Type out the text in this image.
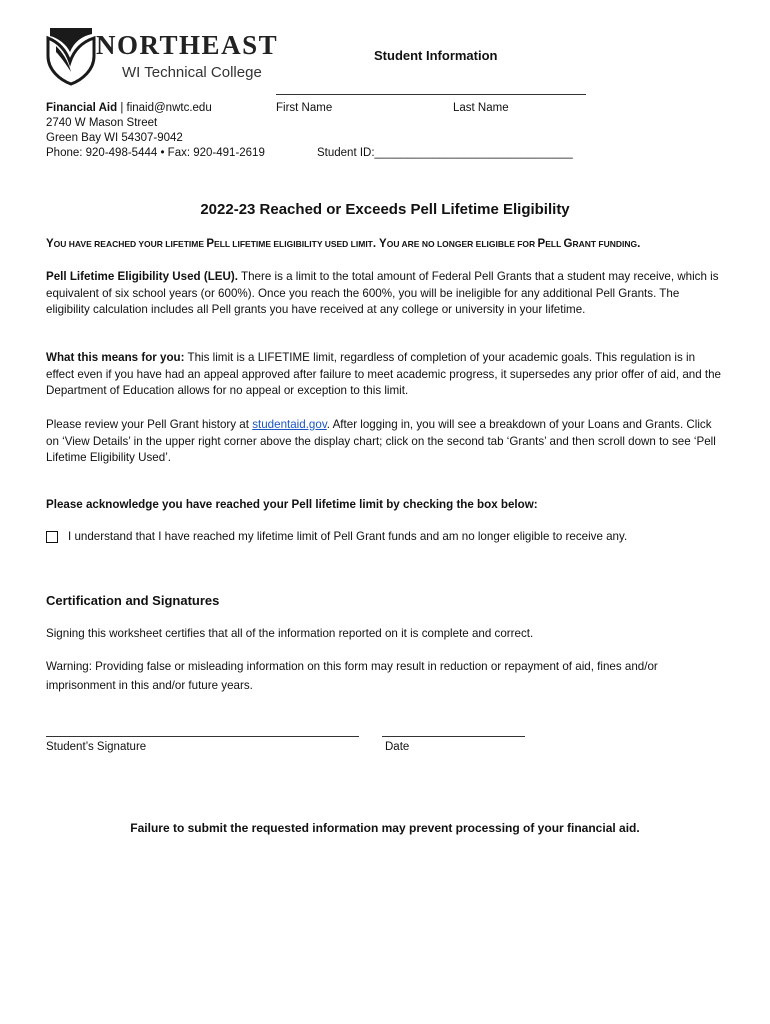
NORTHEAST
WI Technical College
Student Information
First Name	Last Name
Student ID:_______________________________
Financial Aid | finaid@nwtc.edu
2740 W Mason Street
Green Bay WI 54307-9042
Phone: 920-498-5444 • Fax: 920-491-2619
2022-23 Reached or Exceeds Pell Lifetime Eligibility
YOU HAVE REACHED YOUR LIFETIME PELL LIFETIME ELIGIBILITY USED LIMIT. YOU ARE NO LONGER ELIGIBLE FOR PELL GRANT FUNDING.
Pell Lifetime Eligibility Used (LEU). There is a limit to the total amount of Federal Pell Grants that a student may receive, which is equivalent of six school years (or 600%). Once you reach the 600%, you will be ineligible for any additional Pell Grants. The eligibility calculation includes all Pell grants you have received at any college or university in your lifetime.
What this means for you: This limit is a LIFETIME limit, regardless of completion of your academic goals. This regulation is in effect even if you have had an appeal approved after failure to meet academic progress, it supersedes any prior offer of aid, and the Department of Education allows for no appeal or exception to this limit.
Please review your Pell Grant history at studentaid.gov. After logging in, you will see a breakdown of your Loans and Grants. Click on ‘View Details’ in the upper right corner above the display chart; click on the second tab ‘Grants’ and then scroll down to see ‘Pell Lifetime Eligibility Used’.
Please acknowledge you have reached your Pell lifetime limit by checking the box below:
I understand that I have reached my lifetime limit of Pell Grant funds and am no longer eligible to receive any.
Certification and Signatures
Signing this worksheet certifies that all of the information reported on it is complete and correct.
Warning: Providing false or misleading information on this form may result in reduction or repayment of aid, fines and/or imprisonment in this and/or future years.
Student’s Signature	Date
Failure to submit the requested information may prevent processing of your financial aid.
